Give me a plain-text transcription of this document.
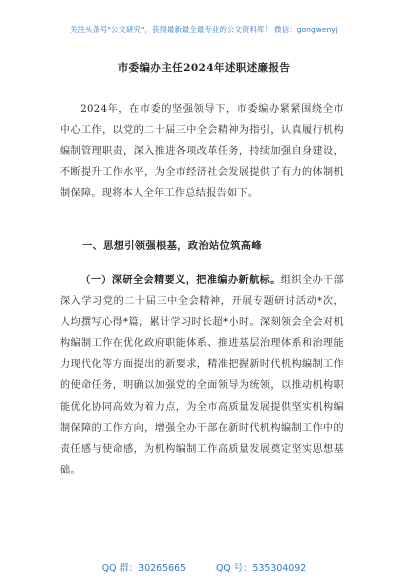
关注头条号"公文研究"，获得最新最全最专业的公文资料库！ 微信：gongwenyj
市委编办主任2024年述职述廉报告

2024年，在市委的坚强领导下，市委编办紧紧围绕全市中心工作，以党的二十届三中全会精神为指引，认真履行机构编制管理职责，深入推进各项改革任务，持续加强自身建设，不断提升工作水平，为全市经济社会发展提供了有力的体制机制保障。现将本人全年工作总结报告如下。

一、思想引领强根基，政治站位筑高峰

（一）深研全会精要义，把准编办新航标。组织全办干部深入学习党的二十届三中全会精神，开展专题研讨活动*次，人均撰写心得*篇，累计学习时长超*小时。深刻领会全会对机构编制工作在优化政府职能体系、推进基层治理体系和治理能力现代化等方面提出的新要求，精准把握新时代机构编制工作的使命任务，明确以加强党的全面领导为统领，以推动机构职能优化协同高效为着力点，为全市高质量发展提供坚实机构编制保障的工作方向，增强全办干部在新时代机构编制工作中的责任感与使命感，为机构编制工作高质量发展奠定坚实思想基础。

QQ 群：30265665	QQ 号：535304092
